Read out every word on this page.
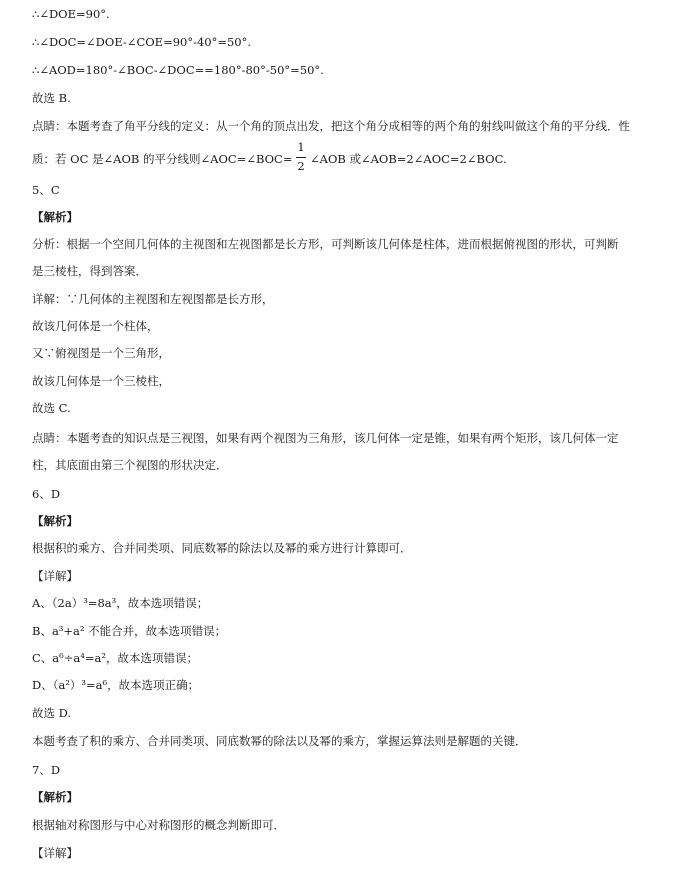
∴∠DOE=90°.
∴∠DOC=∠DOE-∠COE=90°-40°=50°.
∴∠AOD=180°-∠BOC-∠DOC==180°-80°-50°=50°.
故选 B.
点睛：本题考查了角平分线的定义：从一个角的顶点出发，把这个角分成相等的两个角的射线叫做这个角的平分线．性
质：若 OC 是∠AOB 的平分线则∠AOC=∠BOC=
1
2 ∠AOB 或∠AOB=2∠AOC=2∠BOC.
5、C
【解析】
分析：根据一个空间几何体的主视图和左视图都是长方形，可判断该几何体是柱体，进而根据俯视图的形状，可判断
是三棱柱，得到答案．
详解：∵几何体的主视图和左视图都是长方形，
故该几何体是一个柱体，
又∵俯视图是一个三角形，
故该几何体是一个三棱柱，
故选 C.
点睛：本题考查的知识点是三视图，如果有两个视图为三角形，该几何体一定是锥，如果有两个矩形，该几何体一定
柱，其底面由第三个视图的形状决定．
6、D
【解析】
根据积的乘方、合并同类项、同底数幂的除法以及幂的乘方进行计算即可．
【详解】
A、（2a）³=8a³，故本选项错误；
B、a³+a² 不能合并，故本选项错误；
C、a⁶÷a⁴=a²，故本选项错误；
D、（a²）³=a⁶，故本选项正确；
故选 D.
本题考查了积的乘方、合并同类项、同底数幂的除法以及幂的乘方，掌握运算法则是解题的关键．
7、D
【解析】
根据轴对称图形与中心对称图形的概念判断即可．
【详解】
